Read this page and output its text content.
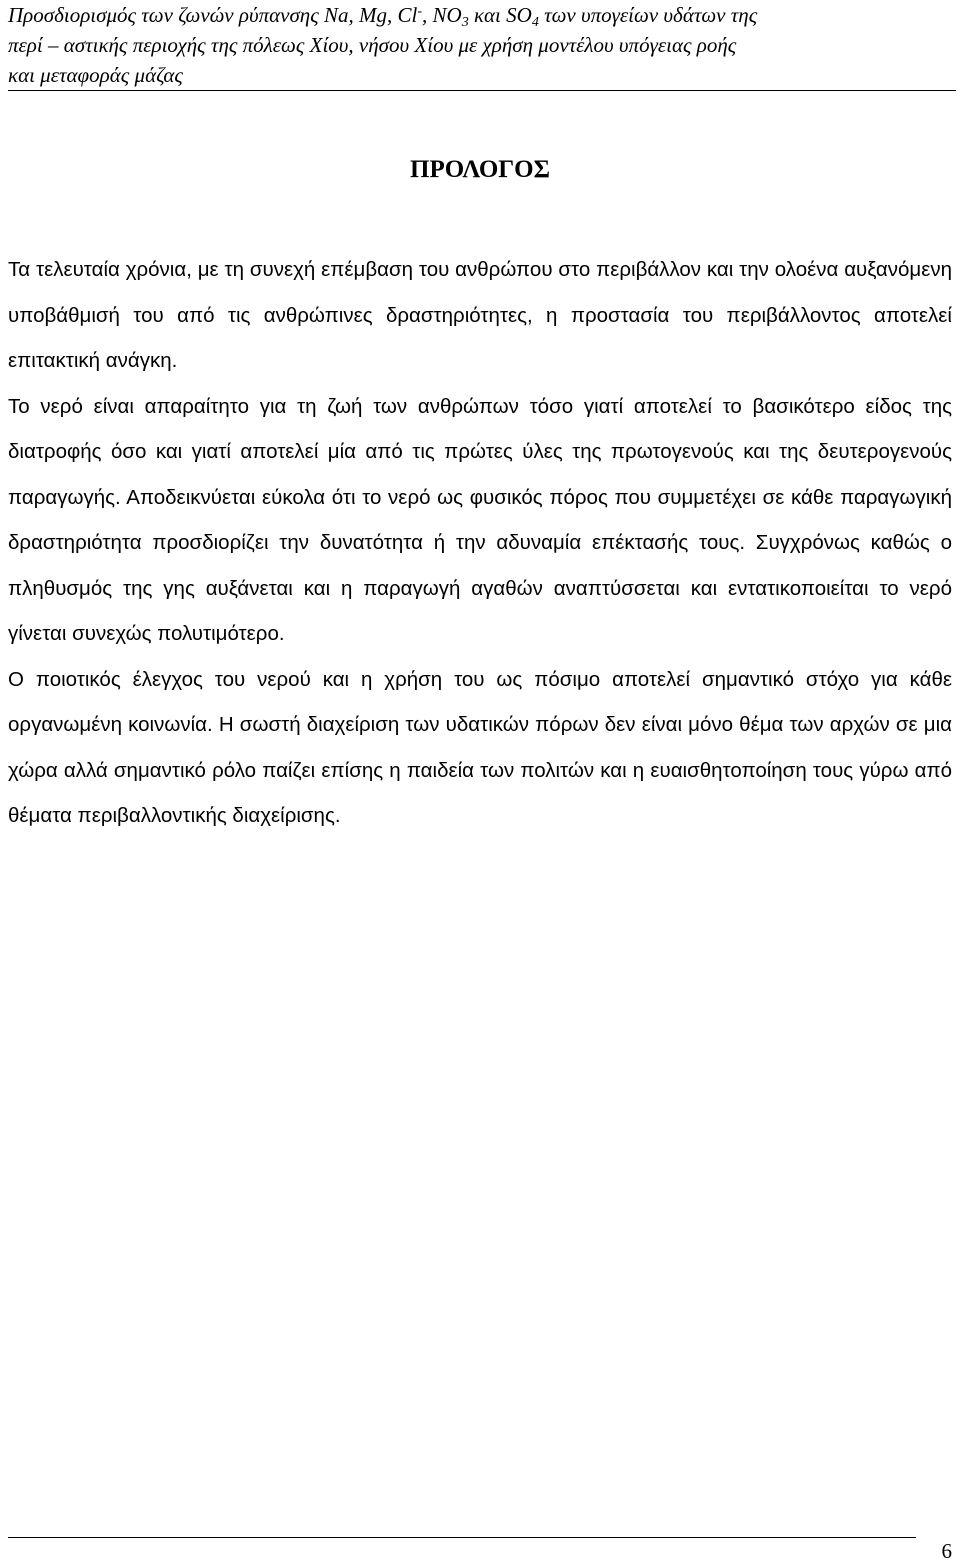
Προσδιορισμός των ζωνών ρύπανσης Na, Mg, Cl-, $NO_3$ και $SO_4$ των υπογείων υδάτων της
περί – αστικής περιοχής της πόλεως Χίου, νήσου Χίου με χρήση μοντέλου υπόγειας ροής
και μεταφοράς μάζας
ΠΡΟΛΟΓΟΣ

Τα τελευταία χρόνια, με τη συνεχή επέμβαση του ανθρώπου στο περιβάλλον και την ολοένα αυξανόμενη υποβάθμισή του από τις ανθρώπινες δραστηριότητες, η προστασία του περιβάλλοντος αποτελεί επιτακτική ανάγκη.

Το νερό είναι απαραίτητο για τη ζωή των ανθρώπων τόσο γιατί αποτελεί το βασικότερο είδος της διατροφής όσο και γιατί αποτελεί μία από τις πρώτες ύλες της πρωτογενούς και της δευτερογενούς παραγωγής. Αποδεικνύεται εύκολα ότι το νερό ως φυσικός πόρος που συμμετέχει σε κάθε παραγωγική δραστηριότητα προσδιορίζει την δυνατότητα ή την αδυναμία επέκτασής τους. Συγχρόνως καθώς ο πληθυσμός της γης αυξάνεται και η παραγωγή αγαθών αναπτύσσεται και εντατικοποιείται το νερό γίνεται συνεχώς πολυτιμότερο.

Ο ποιοτικός έλεγχος του νερού και η χρήση του ως πόσιμο αποτελεί σημαντικό στόχο για κάθε οργανωμένη κοινωνία. Η σωστή διαχείριση των υδατικών πόρων δεν είναι μόνο θέμα των αρχών σε μια χώρα αλλά σημαντικό ρόλο παίζει επίσης η παιδεία των πολιτών και η ευαισθητοποίηση τους γύρω από θέματα περιβαλλοντικής διαχείρισης.

6
